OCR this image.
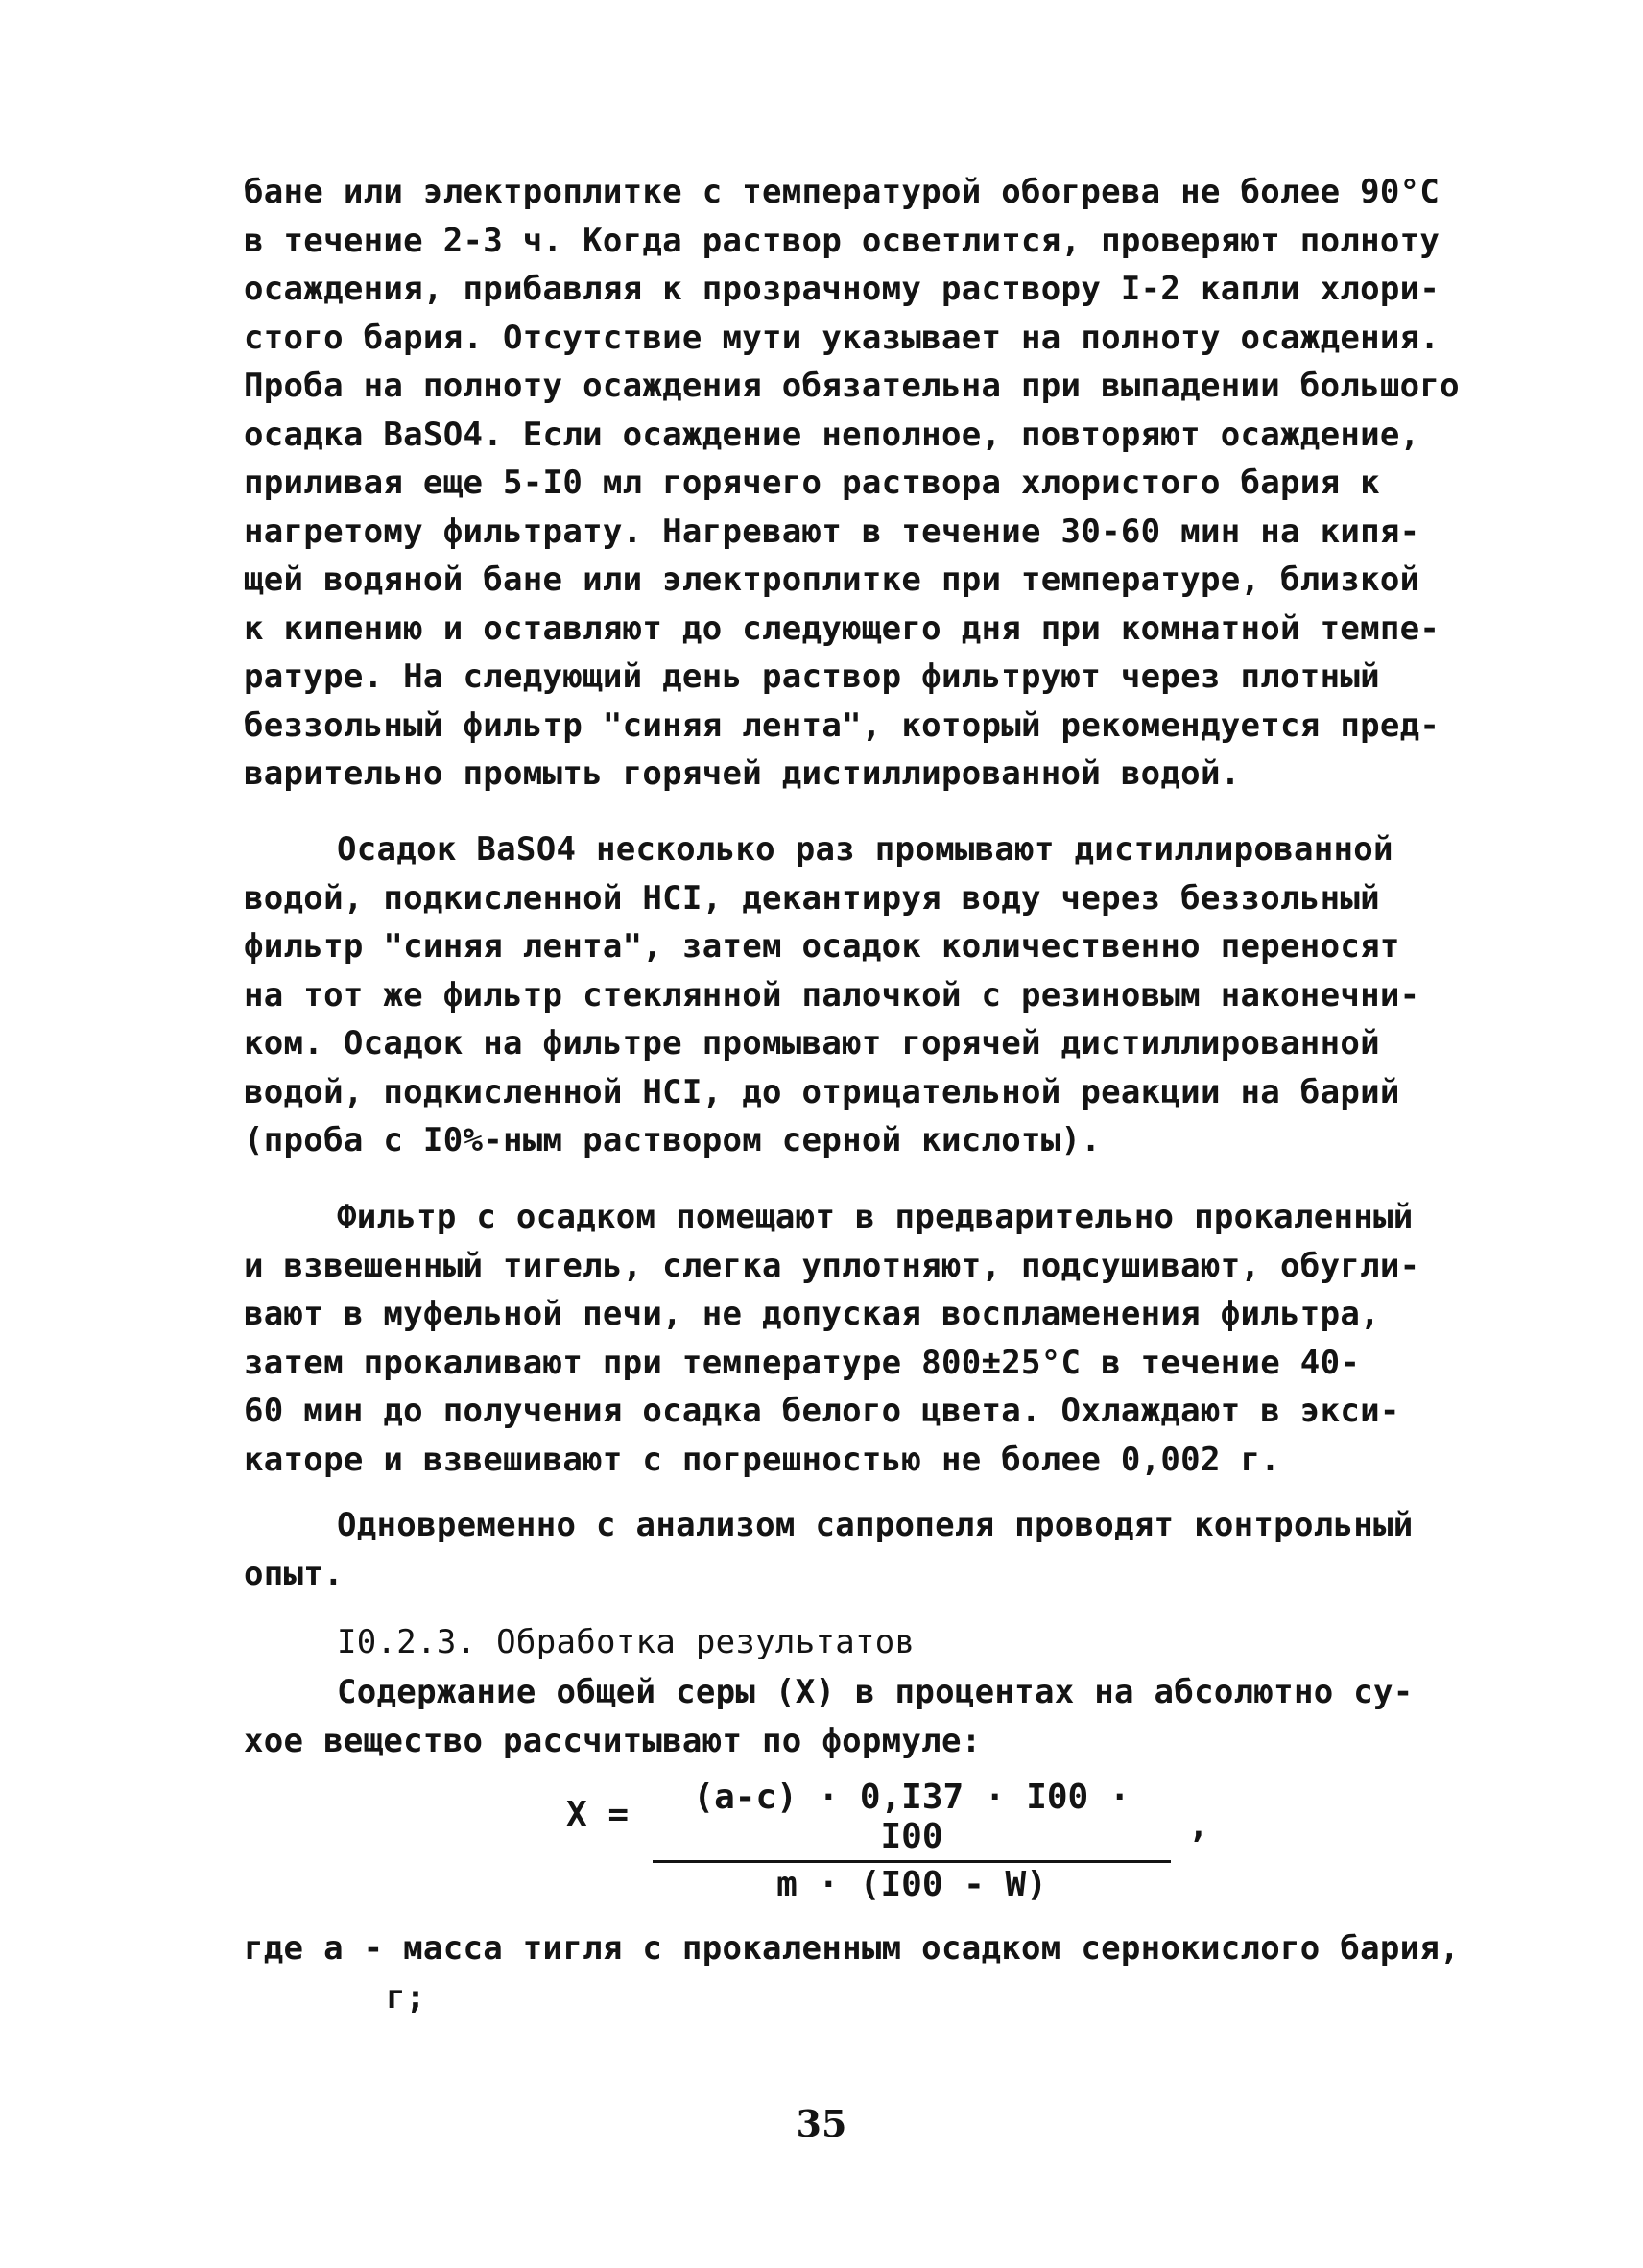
бане или электроплитке с температурой обогрева не более 90°С
в течение 2-3 ч. Когда раствор осветлится, проверяют полноту
осаждения, прибавляя к прозрачному раствору I-2 капли хлори-
стого бария. Отсутствие мути указывает на полноту осаждения.
Проба на полноту осаждения обязательна при выпадении большого
осадка BaSO4. Если осаждение неполное, повторяют осаждение,
приливая еще 5-I0 мл горячего раствора хлористого бария к
нагретому фильтрату. Нагревают в течение 30-60 мин на кипя-
щей водяной бане или электроплитке при температуре, близкой
к кипению и оставляют до следующего дня при комнатной темпе-
ратуре. На следующий день раствор фильтруют через плотный
беззольный фильтр "синяя лента", который рекомендуется пред-
варительно промыть горячей дистиллированной водой.
Осадок BaSO4 несколько раз промывают дистиллированной
водой, подкисленной HCI, декантируя воду через беззольный
фильтр "синяя лента", затем осадок количественно переносят
на тот же фильтр стеклянной палочкой с резиновым наконечни-
ком. Осадок на фильтре промывают горячей дистиллированной
водой, подкисленной HCI, до отрицательной реакции на барий
(проба с I0%-ным раствором серной кислоты).
Фильтр с осадком помещают в предварительно прокаленный
и взвешенный тигель, слегка уплотняют, подсушивают, обугли-
вают в муфельной печи, не допуская воспламенения фильтра,
затем прокаливают при температуре 800±25°С в течение 40-
60 мин до получения осадка белого цвета. Охлаждают в экси-
каторе и взвешивают с погрешностью не более 0,002 г.
Одновременно с анализом сапропеля проводят контрольный
опыт.
I0.2.3. Обработка результатов
Содержание общей серы (X) в процентах на абсолютно су-
хое вещество рассчитывают по формуле:
$X = \frac{(a-c) \cdot 0,I37 \cdot I00 \cdot I00}{m \cdot (I00 - W)}$ ,
где a - масса тигля с прокаленным осадком сернокислого бария,
г;
35
